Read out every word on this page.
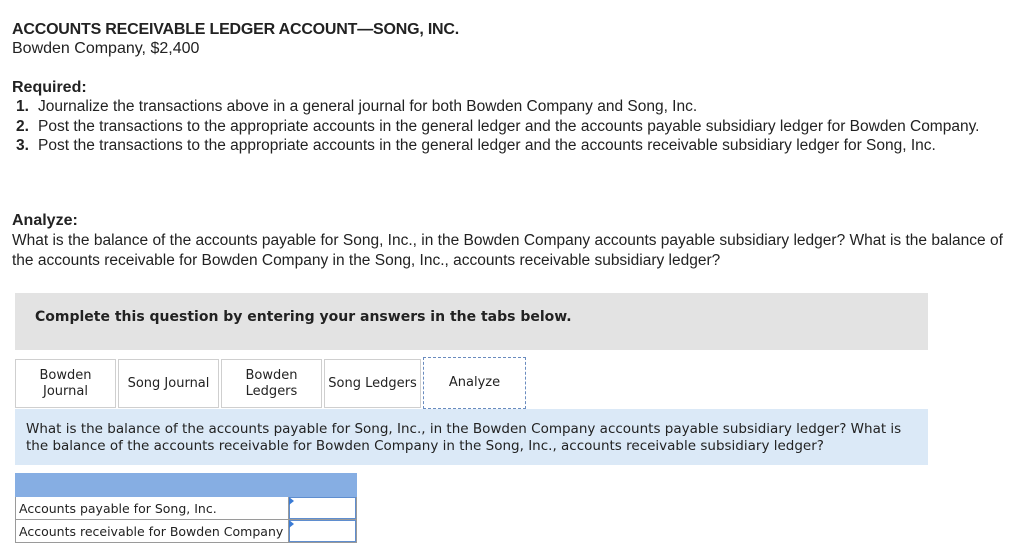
ACCOUNTS RECEIVABLE LEDGER ACCOUNT—SONG, INC.
Bowden Company, $2,400
Required:
1. Journalize the transactions above in a general journal for both Bowden Company and Song, Inc.
2. Post the transactions to the appropriate accounts in the general ledger and the accounts payable subsidiary ledger for Bowden Company.
3. Post the transactions to the appropriate accounts in the general ledger and the accounts receivable subsidiary ledger for Song, Inc.
Analyze:
What is the balance of the accounts payable for Song, Inc., in the Bowden Company accounts payable subsidiary ledger? What is the balance of the accounts receivable for Bowden Company in the Song, Inc., accounts receivable subsidiary ledger?
Complete this question by entering your answers in the tabs below.
Bowden
Journal
Song Journal
Bowden
Ledgers
Song Ledgers Analyze
What is the balance of the accounts payable for Song, Inc., in the Bowden Company accounts payable subsidiary ledger? What is the balance of the accounts receivable for Bowden Company in the Song, Inc., accounts receivable subsidiary ledger?

Accounts payable for Song, Inc.	

Accounts receivable for Bowden Company	
